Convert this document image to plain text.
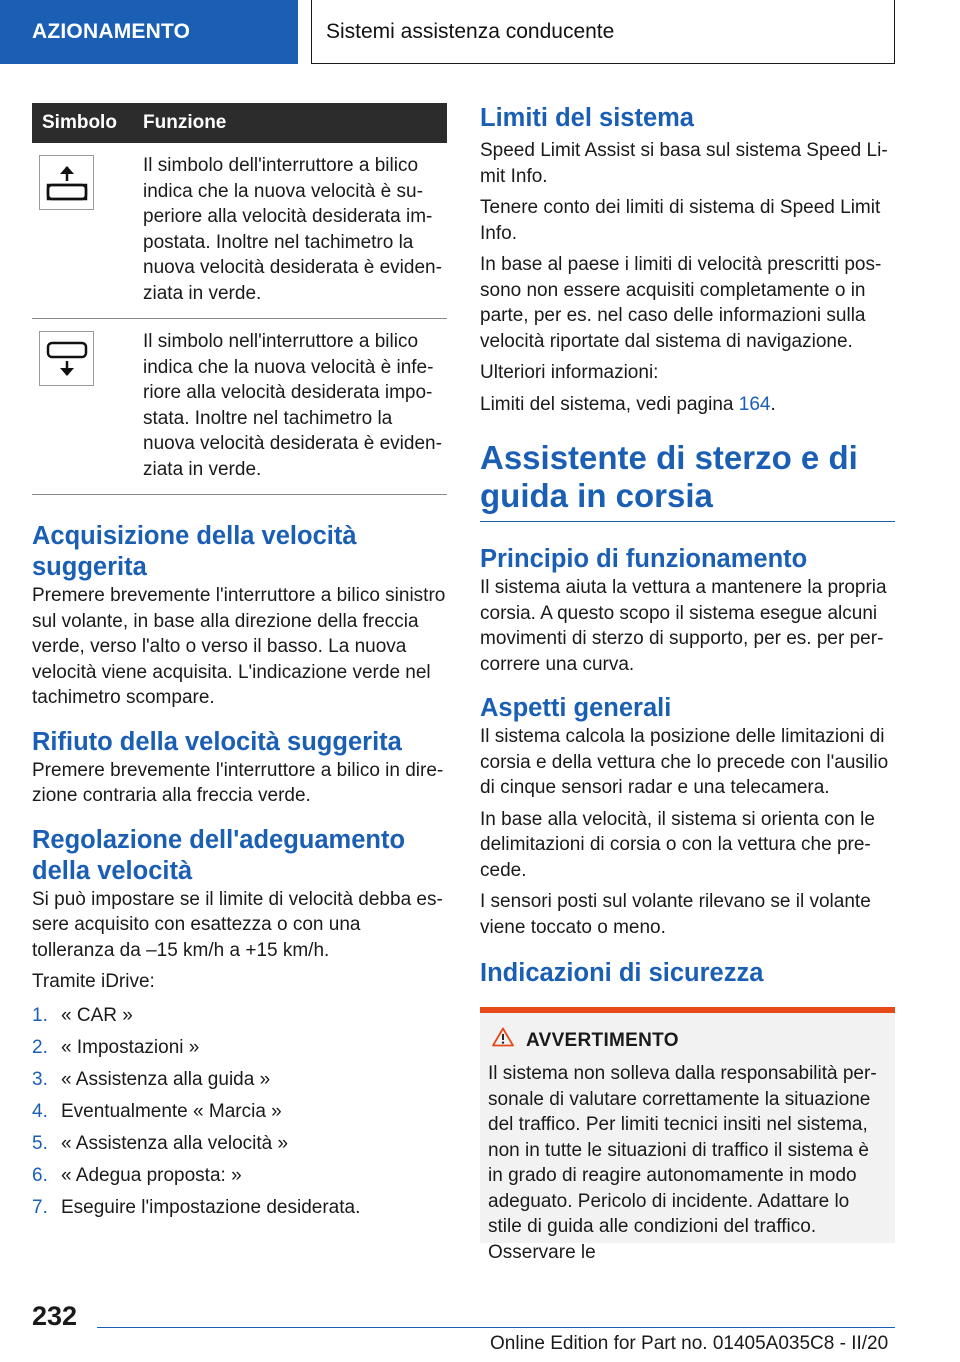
AZIONAMENTO	Sistemi assistenza conducente
Simbolo	Funzione

	Il simbolo dell'interruttore a bilico indica che la nuova velocità è superiore alla velocità desiderata impostata. Inoltre nel tachimetro la nuova velocità desiderata è evidenziata in verde.

	Il simbolo nell'interruttore a bilico indica che la nuova velocità è inferiore alla velocità desiderata impostata. Inoltre nel tachimetro la nuova velocità desiderata è evidenziata in verde.
Acquisizione della velocità suggerita

Premere brevemente l'interruttore a bilico sinistro sul volante, in base alla direzione della freccia verde, verso l'alto o verso il basso. La nuova velocità viene acquisita. L'indicazione verde nel tachimetro scompare.

Rifiuto della velocità suggerita

Premere brevemente l'interruttore a bilico in direzione contraria alla freccia verde.

Regolazione dell'adeguamento della velocità

Si può impostare se il limite di velocità debba essere acquisito con esattezza o con una tolleranza da –15 km/h a +15 km/h.

Tramite iDrive:

1. « CAR »
2. « Impostazioni »
3. « Assistenza alla guida »
4. Eventualmente « Marcia »
5. « Assistenza alla velocità »
6. « Adegua proposta: »
7. Eseguire l'impostazione desiderata.
Limiti del sistema

Speed Limit Assist si basa sul sistema Speed Limit Info.

Tenere conto dei limiti di sistema di Speed Limit Info.

In base al paese i limiti di velocità prescritti possono non essere acquisiti completamente o in parte, per es. nel caso delle informazioni sulla velocità riportate dal sistema di navigazione.

Ulteriori informazioni:

Limiti del sistema, vedi pagina 164.

Assistente di sterzo e di guida in corsia
Principio di funzionamento

Il sistema aiuta la vettura a mantenere la propria corsia. A questo scopo il sistema esegue alcuni movimenti di sterzo di supporto, per es. per percorrere una curva.

Aspetti generali

Il sistema calcola la posizione delle limitazioni di corsia e della vettura che lo precede con l'ausilio di cinque sensori radar e una telecamera.

In base alla velocità, il sistema si orienta con le delimitazioni di corsia o con la vettura che precede.

I sensori posti sul volante rilevano se il volante viene toccato o meno.

Indicazioni di sicurezza
AVVERTIMENTO

Il sistema non solleva dalla responsabilità personale di valutare correttamente la situazione del traffico. Per limiti tecnici insiti nel sistema, non in tutte le situazioni di traffico il sistema è in grado di reagire autonomamente in modo adeguato. Pericolo di incidente. Adattare lo stile di guida alle condizioni del traffico. Osservare le

232
Online Edition for Part no. 01405A035C8 - II/20
